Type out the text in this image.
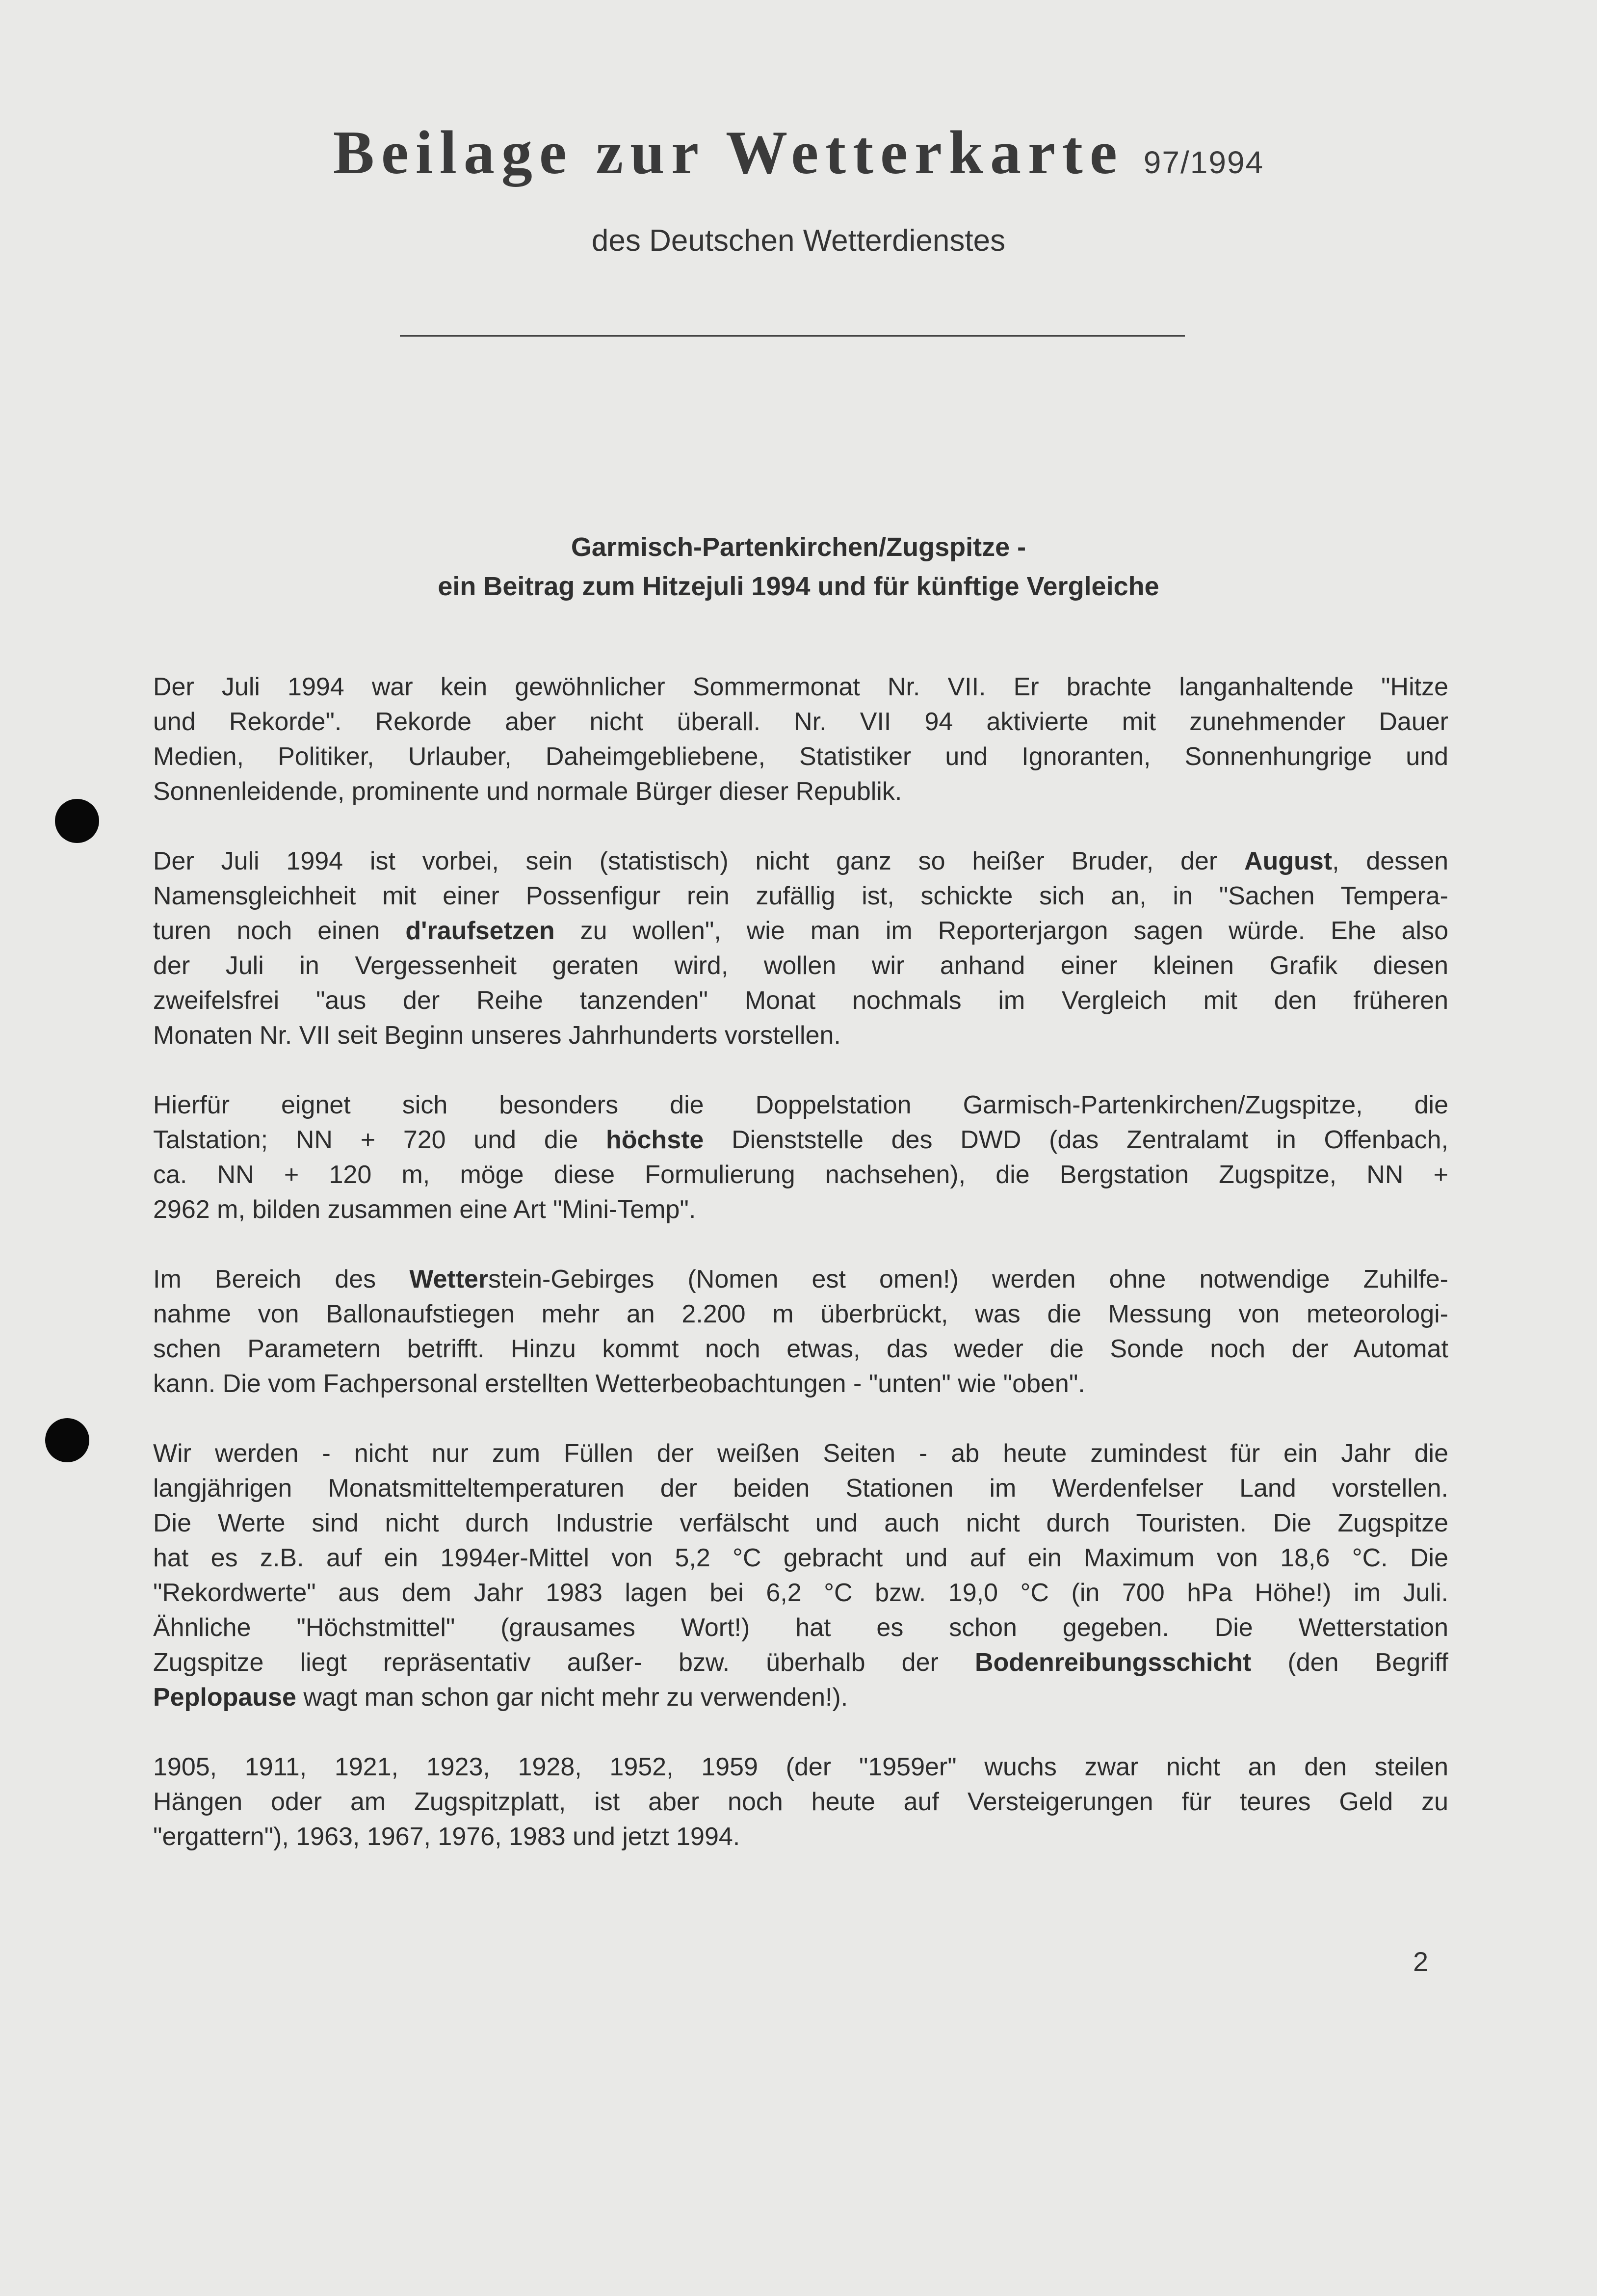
Beilage zur Wetterkarte 97/1994
des Deutschen Wetterdienstes
Garmisch-Partenkirchen/Zugspitze -
ein Beitrag zum Hitzejuli 1994 und für künftige Vergleiche
Der Juli 1994 war kein gewöhnlicher Sommermonat Nr. VII. Er brachte langanhaltende "Hitze
und Rekorde". Rekorde aber nicht überall. Nr. VII 94 aktivierte mit zunehmender Dauer
Medien, Politiker, Urlauber, Daheimgebliebene, Statistiker und Ignoranten, Sonnenhungrige und
Sonnenleidende, prominente und normale Bürger dieser Republik.
Der Juli 1994 ist vorbei, sein (statistisch) nicht ganz so heißer Bruder, der August, dessen
Namensgleichheit mit einer Possenfigur rein zufällig ist, schickte sich an, in "Sachen Tempera-
turen noch einen d'raufsetzen zu wollen", wie man im Reporterjargon sagen würde. Ehe also
der Juli in Vergessenheit geraten wird, wollen wir anhand einer kleinen Grafik diesen
zweifelsfrei "aus der Reihe tanzenden" Monat nochmals im Vergleich mit den früheren
Monaten Nr. VII seit Beginn unseres Jahrhunderts vorstellen.
Hierfür eignet sich besonders die Doppelstation Garmisch-Partenkirchen/Zugspitze, die
Talstation; NN + 720 und die höchste Dienststelle des DWD (das Zentralamt in Offenbach,
ca. NN + 120 m, möge diese Formulierung nachsehen), die Bergstation Zugspitze, NN +
2962 m, bilden zusammen eine Art "Mini-Temp".
Im Bereich des Wetterstein-Gebirges (Nomen est omen!) werden ohne notwendige Zuhilfe-
nahme von Ballonaufstiegen mehr an 2.200 m überbrückt, was die Messung von meteorologi-
schen Parametern betrifft. Hinzu kommt noch etwas, das weder die Sonde noch der Automat
kann. Die vom Fachpersonal erstellten Wetterbeobachtungen - "unten" wie "oben".
Wir werden - nicht nur zum Füllen der weißen Seiten - ab heute zumindest für ein Jahr die
langjährigen Monatsmitteltemperaturen der beiden Stationen im Werdenfelser Land vorstellen.
Die Werte sind nicht durch Industrie verfälscht und auch nicht durch Touristen. Die Zugspitze
hat es z.B. auf ein 1994er-Mittel von 5,2 °C gebracht und auf ein Maximum von 18,6 °C. Die
"Rekordwerte" aus dem Jahr 1983 lagen bei 6,2 °C bzw. 19,0 °C (in 700 hPa Höhe!) im Juli.
Ähnliche "Höchstmittel" (grausames Wort!) hat es schon gegeben. Die Wetterstation
Zugspitze liegt repräsentativ außer- bzw. überhalb der Bodenreibungsschicht (den Begriff
Peplopause wagt man schon gar nicht mehr zu verwenden!).
1905, 1911, 1921, 1923, 1928, 1952, 1959 (der "1959er" wuchs zwar nicht an den steilen
Hängen oder am Zugspitzplatt, ist aber noch heute auf Versteigerungen für teures Geld zu
"ergattern"), 1963, 1967, 1976, 1983 und jetzt 1994.
2
